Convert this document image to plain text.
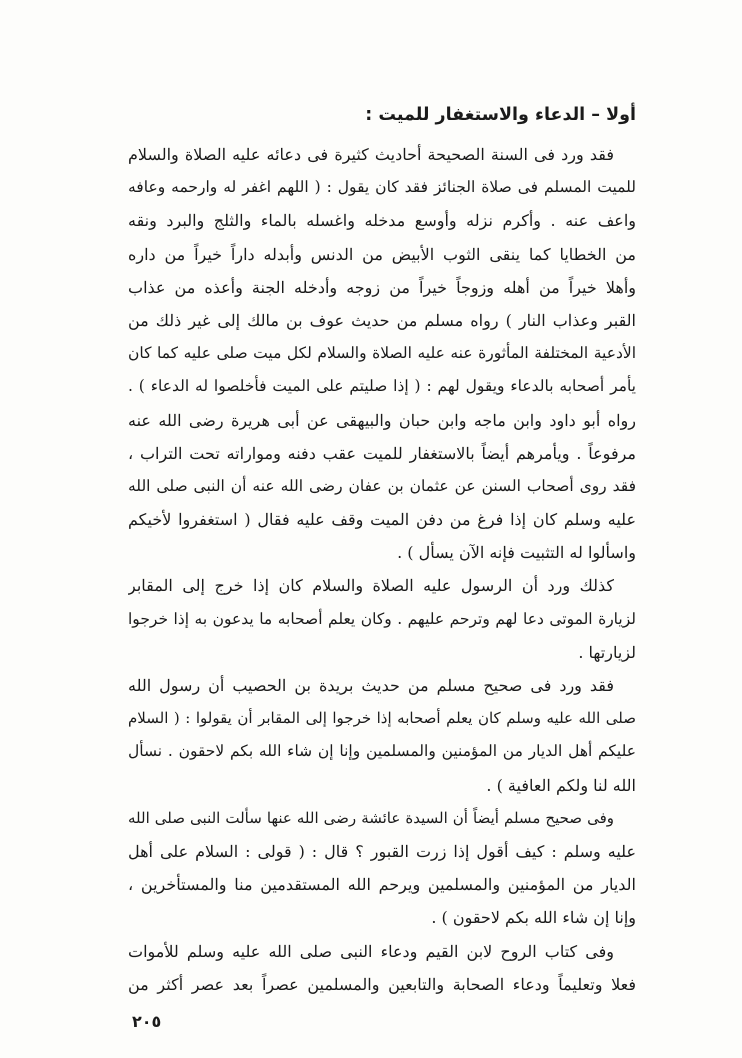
أولا – الدعاء والاستغفار للميت :
فقد ورد فى السنة الصحيحة أحاديث كثيرة فى دعائه عليه الصلاة والسلام
للميت المسلم فى صلاة الجنائز فقد كان يقول : ( اللهم اغفر له وارحمه وعافه
واعف عنه . وأكرم نزله وأوسع مدخله واغسله بالماء والثلج والبرد ونقه
من الخطايا كما ينقى الثوب الأبيض من الدنس وأبدله داراً خيراً من داره
وأهلا خيراً من أهله وزوجاً خيراً من زوجه وأدخله الجنة وأعذه من عذاب
القبر وعذاب النار ) رواه مسلم من حديث عوف بن مالك إلى غير ذلك من
الأدعية المختلفة المأثورة عنه عليه الصلاة والسلام لكل ميت صلى عليه كما كان
يأمر أصحابه بالدعاء ويقول لهم : ( إذا صليتم على الميت فأخلصوا له الدعاء ) .
رواه أبو داود وابن ماجه وابن حبان والبيهقى عن أبى هريرة رضى الله عنه
مرفوعاً . ويأمرهم أيضاً بالاستغفار للميت عقب دفنه ومواراته تحت التراب ،
فقد روى أصحاب السنن عن عثمان بن عفان رضى الله عنه أن النبى صلى الله
عليه وسلم كان إذا فرغ من دفن الميت وقف عليه فقال ( استغفروا لأخيكم
واسألوا له التثبيت فإنه الآن يسأل ) .
كذلك ورد أن الرسول عليه الصلاة والسلام كان إذا خرج إلى المقابر
لزيارة الموتى دعا لهم وترحم عليهم . وكان يعلم أصحابه ما يدعون به إذا خرجوا
لزيارتها .
فقد ورد فى صحيح مسلم من حديث بريدة بن الحصيب أن رسول الله
صلى الله عليه وسلم كان يعلم أصحابه إذا خرجوا إلى المقابر أن يقولوا : ( السلام
عليكم أهل الديار من المؤمنين والمسلمين وإنا إن شاء الله بكم لاحقون . نسأل
الله لنا ولكم العافية ) .
وفى صحيح مسلم أيضاً أن السيدة عائشة رضى الله عنها سألت النبى صلى الله
عليه وسلم : كيف أقول إذا زرت القبور ؟ قال : ( قولى : السلام على أهل
الديار من المؤمنين والمسلمين ويرحم الله المستقدمين منا والمستأخرين ،
وإنا إن شاء الله بكم لاحقون ) .
وفى كتاب الروح لابن القيم ودعاء النبى صلى الله عليه وسلم للأموات
فعلا وتعليماً ودعاء الصحابة والتابعين والمسلمين عصراً بعد عصر أكثر من
٢٠٥
